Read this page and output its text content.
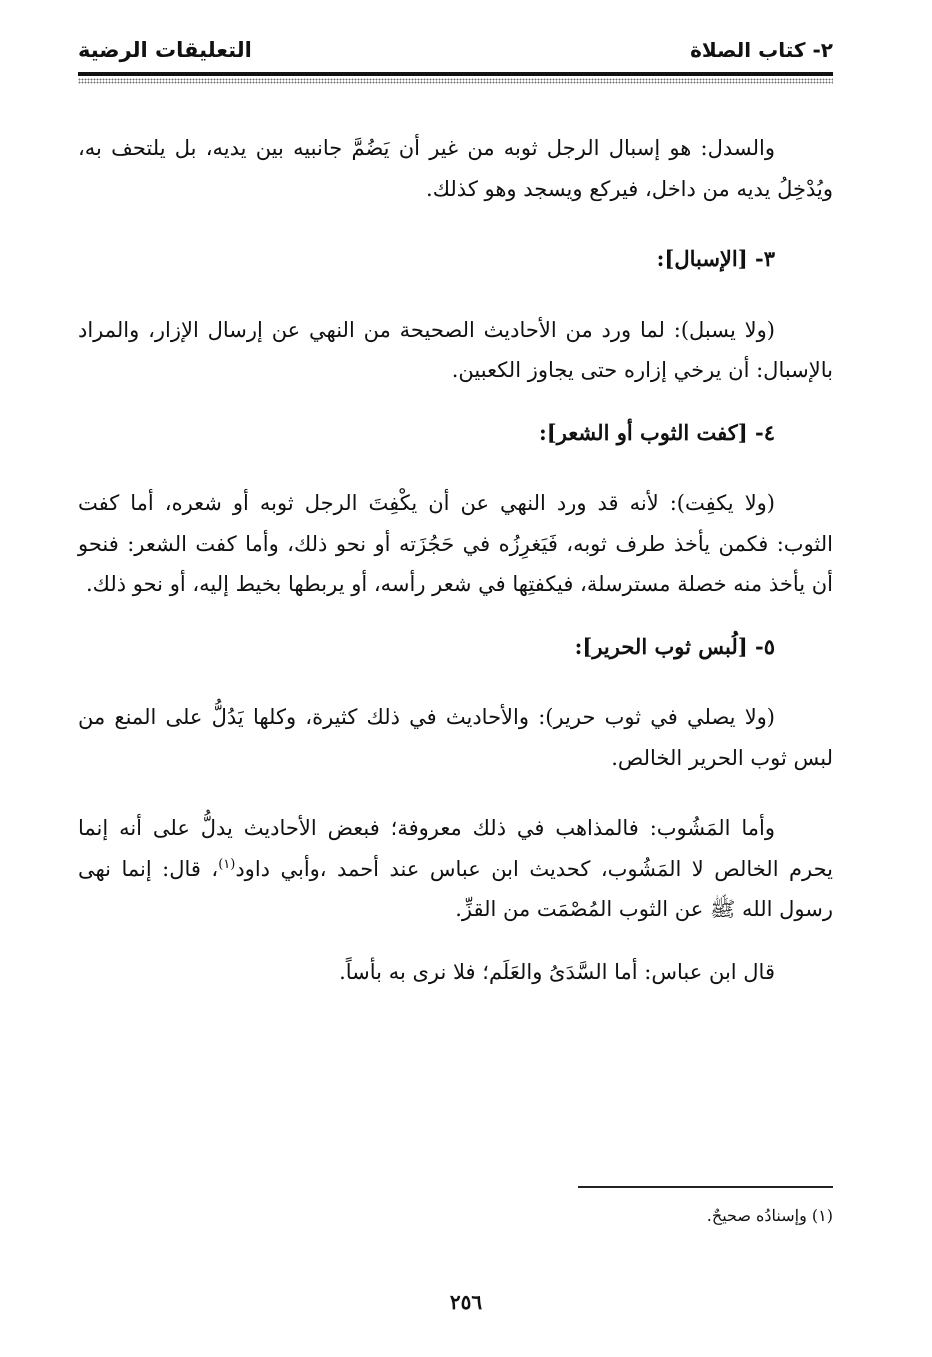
٢- كتاب الصلاة
التعليقات الرضية

والسدل: هو إسبال الرجل ثوبه من غير أن يَضُمَّ جانبيه بين يديه، بل يلتحف به، ويُدْخِلُ يديه من داخل، فيركع ويسجد وهو كذلك.

٣- [الإسبال]:

(ولا يسبل): لما ورد من الأحاديث الصحيحة من النهي عن إرسال الإزار، والمراد بالإسبال: أن يرخي إزاره حتى يجاوز الكعبين.

٤- [كفت الثوب أو الشعر]:

(ولا يكفِت): لأنه قد ورد النهي عن أن يكْفِتَ الرجل ثوبه أو شعره، أما كفت الثوب: فكمن يأخذ طرف ثوبه، فَيَغرِزُه في حَجُزَته أو نحو ذلك، وأما كفت الشعر: فنحو أن يأخذ منه خصلة مسترسلة، فيكفتِها في شعر رأسه، أو يربطها بخيط إليه، أو نحو ذلك.

٥- [لُبس ثوب الحرير]:

(ولا يصلي في ثوب حرير): والأحاديث في ذلك كثيرة، وكلها يَدُلُّ على المنع من لبس ثوب الحرير الخالص.

وأما المَشُوب: فالمذاهب في ذلك معروفة؛ فبعض الأحاديث يدلُّ على أنه إنما يحرم الخالص لا المَشُوب، كحديث ابن عباس عند أحمد ،وأبي داود$^{(١)}$، قال: إنما نهى رسول الله ﷺ عن الثوب المُصْمَت من القزِّ.

قال ابن عباس: أما السَّدَىُ والعَلَم؛ فلا نرى به بأساً.

(١) وإسنادُه صحيحٌ.
٢٥٦
